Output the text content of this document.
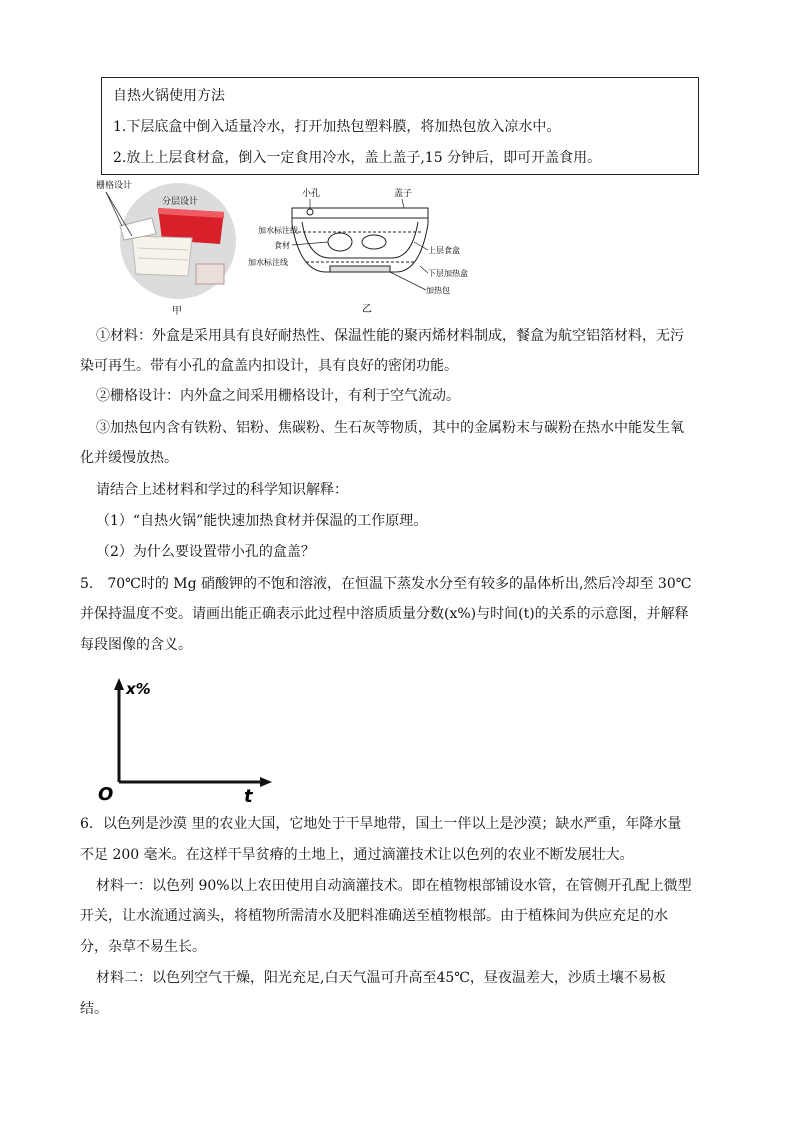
自热火锅使用方法
1.下层底盒中倒入适量冷水，打开加热包塑料膜，将加热包放入凉水中。
2.放上上层食材盒，倒入一定食用冷水，盖上盖子,15 分钟后，即可开盖食用。
栅格设计
分层设计
甲
小孔	盖子
加水标注线
食材
加水标注线
上层食盒
下层加热盒
加热包
乙
①材料：外盒是采用具有良好耐热性、保温性能的聚丙烯材料制成，餐盒为航空铝箔材料，无污
染可再生。带有小孔的盒盖内扣设计，具有良好的密闭功能。
②栅格设计：内外盒之间采用栅格设计，有利于空气流动。
③加热包内含有铁粉、铝粉、焦碳粉、生石灰等物质，其中的金属粉末与碳粉在热水中能发生氧
化并缓慢放热。
请结合上述材料和学过的科学知识解释：
（1）“自热火锅”能快速加热食材并保温的工作原理。
（2）为什么要设置带小孔的盒盖？
5.　70℃时的 Mg 硝酸钾的不饱和溶液，在恒温下蒸发水分至有较多的晶体析出,然后冷却至 30℃
并保持温度不变。请画出能正确表示此过程中溶质质量分数(x%)与时间(t)的关系的示意图，并解释
每段图像的含义。
x%
O	t
6．以色列是沙漠 里的农业大国，它地处于干旱地带，国土一伴以上是沙漠；缺水严重，年降水量
不足 200 毫米。在这样干旱贫瘠的土地上，通过滴灌技术让以色列的农业不断发展壮大。
材料一：以色列 90%以上农田使用自动滴灌技术。即在植物根部铺设水管，在管侧开孔配上微型
开关，让水流通过滴头，将植物所需清水及肥料准确送至植物根部。由于植株间为供应充足的水
分，杂草不易生长。
材料二：以色列空气干燥，阳光充足,白天气温可升高至45℃，昼夜温差大，沙质土壤不易板
结。
